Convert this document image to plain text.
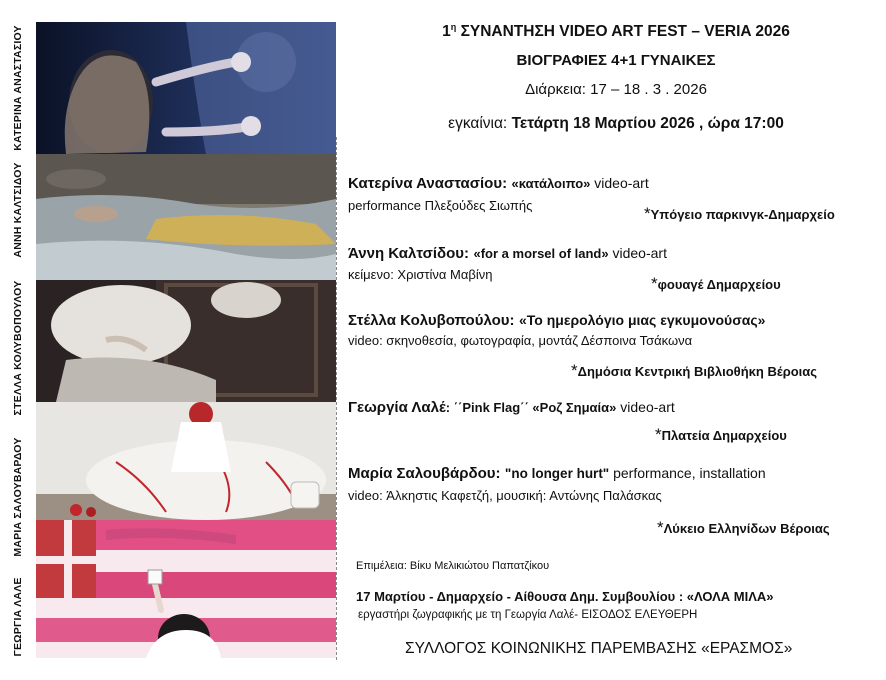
ΚΑΤΕΡΙΝΑ ΑΝΑΣΤΑΣΙΟΥ
ΑΝΝΗ ΚΑΛΤΣΙΔΟΥ
ΣΤΕΛΛΑ ΚΟΛΥΒΟΠΟΥΛΟΥ
ΜΑΡΙΑ ΣΑΛΟΥΒΑΡΔΟΥ
ΓΕΩΡΓΙΑ ΛΑΛΕ
$1^\eta$ ΣΥΝΑΝΤΗΣΗ VIDEO ART FEST – VERIA 2026
ΒΙΟΓΡΑΦΙΕΣ 4+1 ΓΥΝΑΙΚΕΣ
Διάρκεια: 17 – 18 . 3 . 2026
εγκαίνια: Τετάρτη 18 Μαρτίου 2026 , ώρα 17:00
Κατερίνα Αναστασίου: «κατάλοιπο» video-art
performance Πλεξούδες Σιωπής	*Υπόγειο παρκινγκ-Δημαρχείο
Άννη Καλτσίδου: «for a morsel of land» video-art
κείμενο: Χριστίνα Μαβίνη	*φουαγέ Δημαρχείου
Στέλλα Κολυβοπούλου: «Το ημερολόγιο μιας εγκυμονούσας»
video: σκηνοθεσία, φωτογραφία, μοντάζ Δέσποινα Τσάκωνα
*Δημόσια Κεντρική Βιβλιοθήκη Βέροιας
Γεωργία Λαλέ: ΄΄Pink Flag΄΄ «Ροζ Σημαία» video-art
*Πλατεία Δημαρχείου
Μαρία Σαλουβάρδου: "no longer hurt" performance, installation
video: Άλκηστις Καφετζή, μουσική: Αντώνης Παλάσκας
*Λύκειο Ελληνίδων Βέροιας
Επιμέλεια: Βίκυ Μελικιώτου Παπατζίκου
17 Μαρτίου - Δημαρχείο - Αίθουσα Δημ. Συμβουλίου : «ΛΟΛΑ ΜΙΛΑ»
εργαστήρι ζωγραφικής με τη Γεωργία Λαλέ- ΕΙΣΟΔΟΣ ΕΛΕΥΘΕΡΗ
ΣΥΛΛΟΓΟΣ ΚΟΙΝΩΝΙΚΗΣ ΠΑΡΕΜΒΑΣΗΣ «ΕΡΑΣΜΟΣ»
